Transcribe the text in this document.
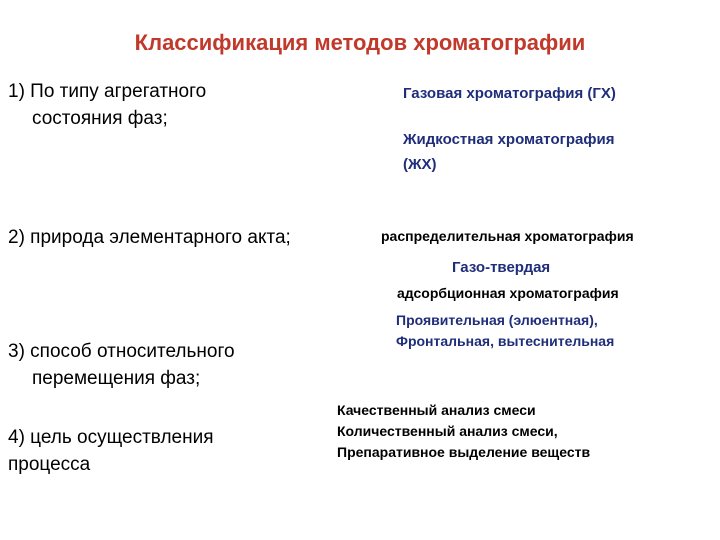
Классификация методов хроматографии
1) По типу агрегатного
состояния фаз;
2) природа элементарного акта;
3) способ относительного
перемещения фаз;
4) цель осуществления
процесса
Газовая хроматография (ГХ)
Жидкостная хроматография
(ЖХ)
распределительная хроматография
Газо-твердая
адсорбционная хроматография
Проявительная (элюентная),
Фронтальная, вытеснительная
Качественный анализ смеси
Количественный анализ смеси,
Препаративное выделение веществ
